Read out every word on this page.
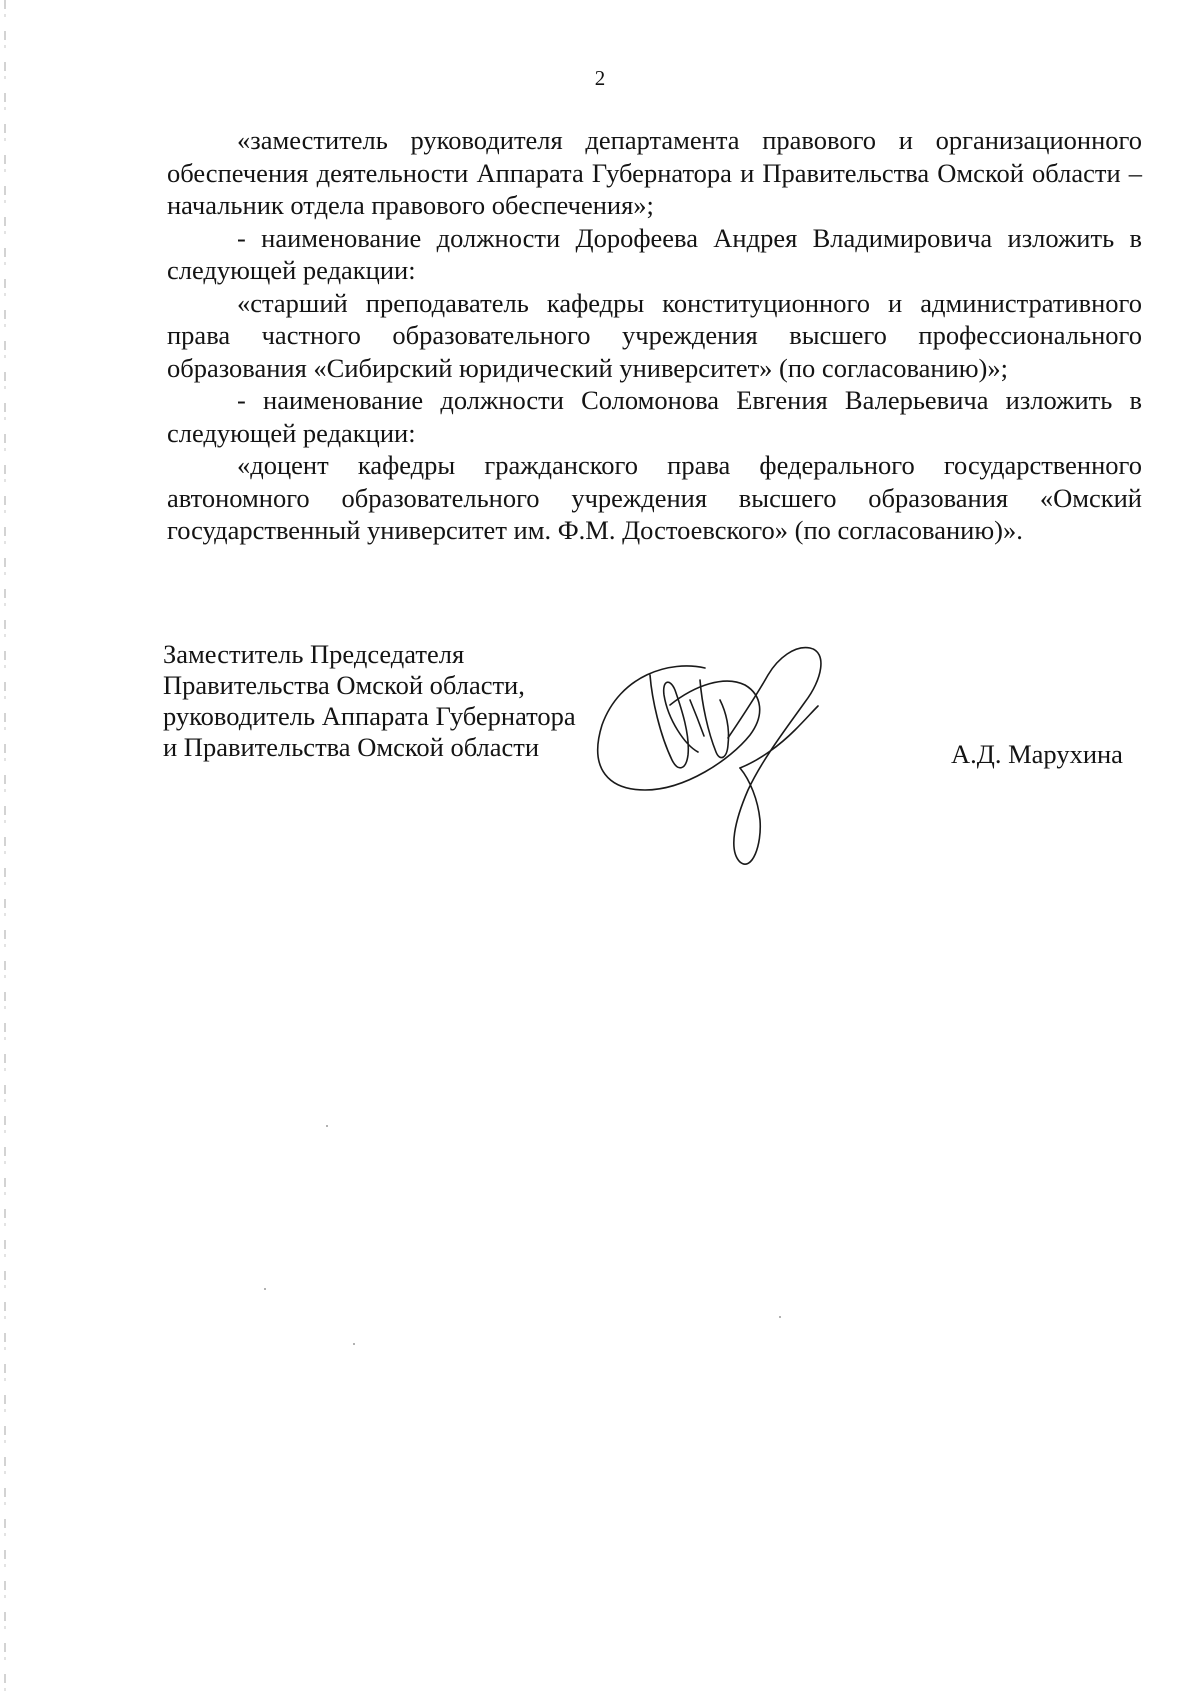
2

«заместитель руководителя департамента правового и организационного обеспечения деятельности Аппарата Губернатора и Правительства Омской области – начальник отдела правового обеспечения»;

- наименование должности Дорофеева Андрея Владимировича изложить в следующей редакции:

«старший преподаватель кафедры конституционного и административного права частного образовательного учреждения высшего профессионального образования «Сибирский юридический университет» (по согласованию)»;

- наименование должности Соломонова Евгения Валерьевича изложить в следующей редакции:

«доцент кафедры гражданского права федерального государственного автономного образовательного учреждения высшего образования «Омский государственный университет им. Ф.М. Достоевского» (по согласованию)».

Заместитель Председателя
Правительства Омской области,
руководитель Аппарата Губернатора
и Правительства Омской области	А.Д. Марухина
